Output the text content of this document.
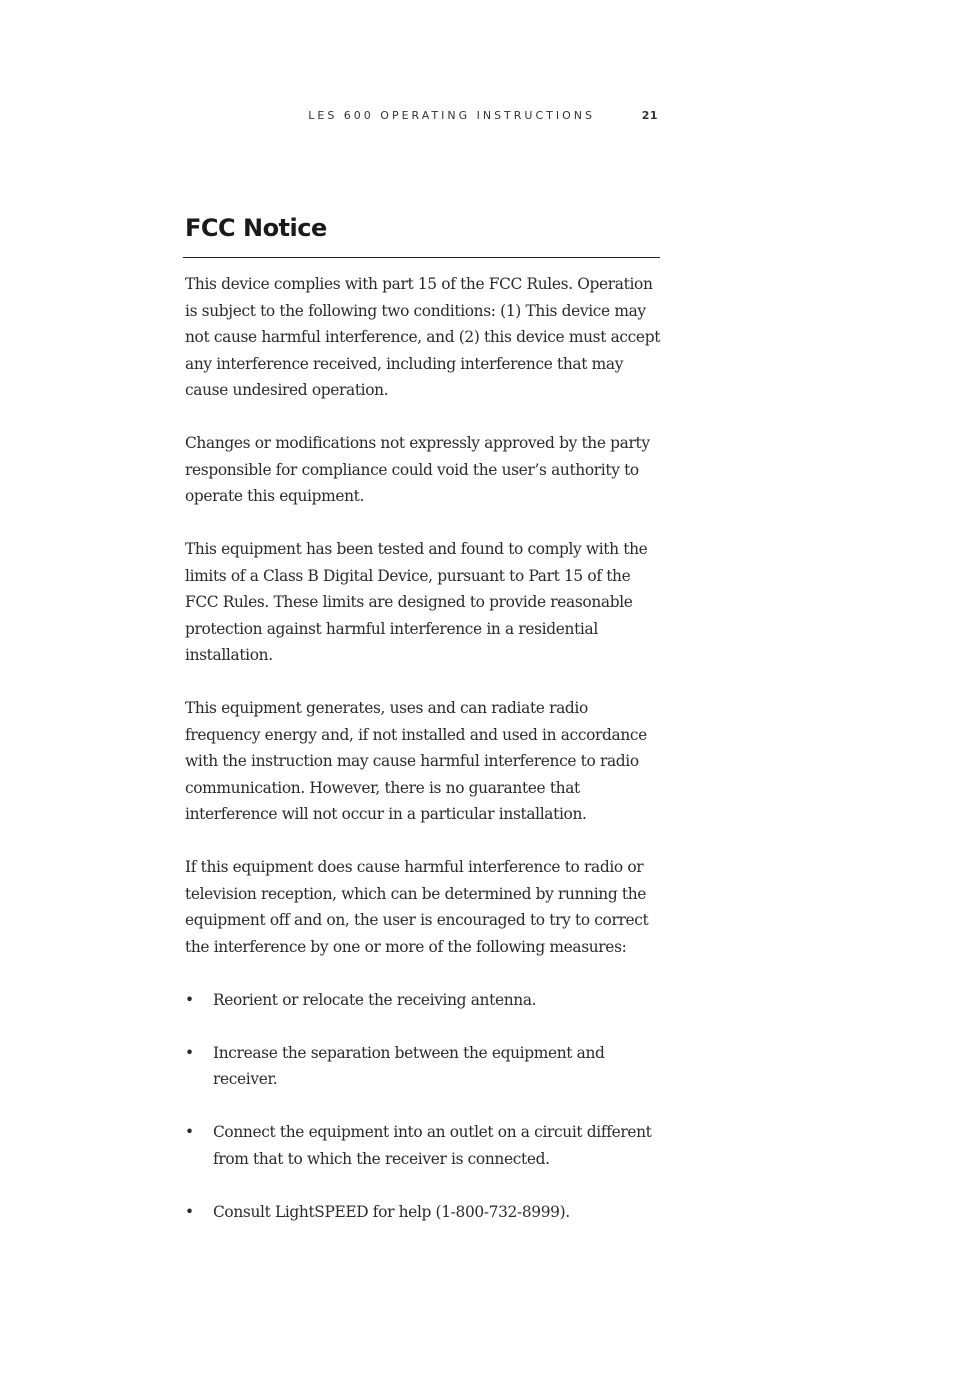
LES 600 OPERATING INSTRUCTIONS	21
FCC Notice

This device complies with part 15 of the FCC Rules. Operation is subject to the following two conditions: (1) This device may not cause harmful interference, and (2) this device must accept any interference received, including interference that may cause undesired operation.

Changes or modifications not expressly approved by the party responsible for compliance could void the user’s authority to operate this equipment.

This equipment has been tested and found to comply with the limits of a Class B Digital Device, pursuant to Part 15 of the FCC Rules. These limits are designed to provide reasonable protection against harmful interference in a residential installation.

This equipment generates, uses and can radiate radio frequency energy and, if not installed and used in accordance with the instruction may cause harmful interference to radio communication. However, there is no guarantee that interference will not occur in a particular installation.

If this equipment does cause harmful interference to radio or television reception, which can be determined by running the equipment off and on, the user is encouraged to try to correct the interference by one or more of the following measures:

• Reorient or relocate the receiving antenna.
• Increase the separation between the equipment and receiver.
• Connect the equipment into an outlet on a circuit different from that to which the receiver is connected.
• Consult LightSPEED for help (1-800-732-8999).
